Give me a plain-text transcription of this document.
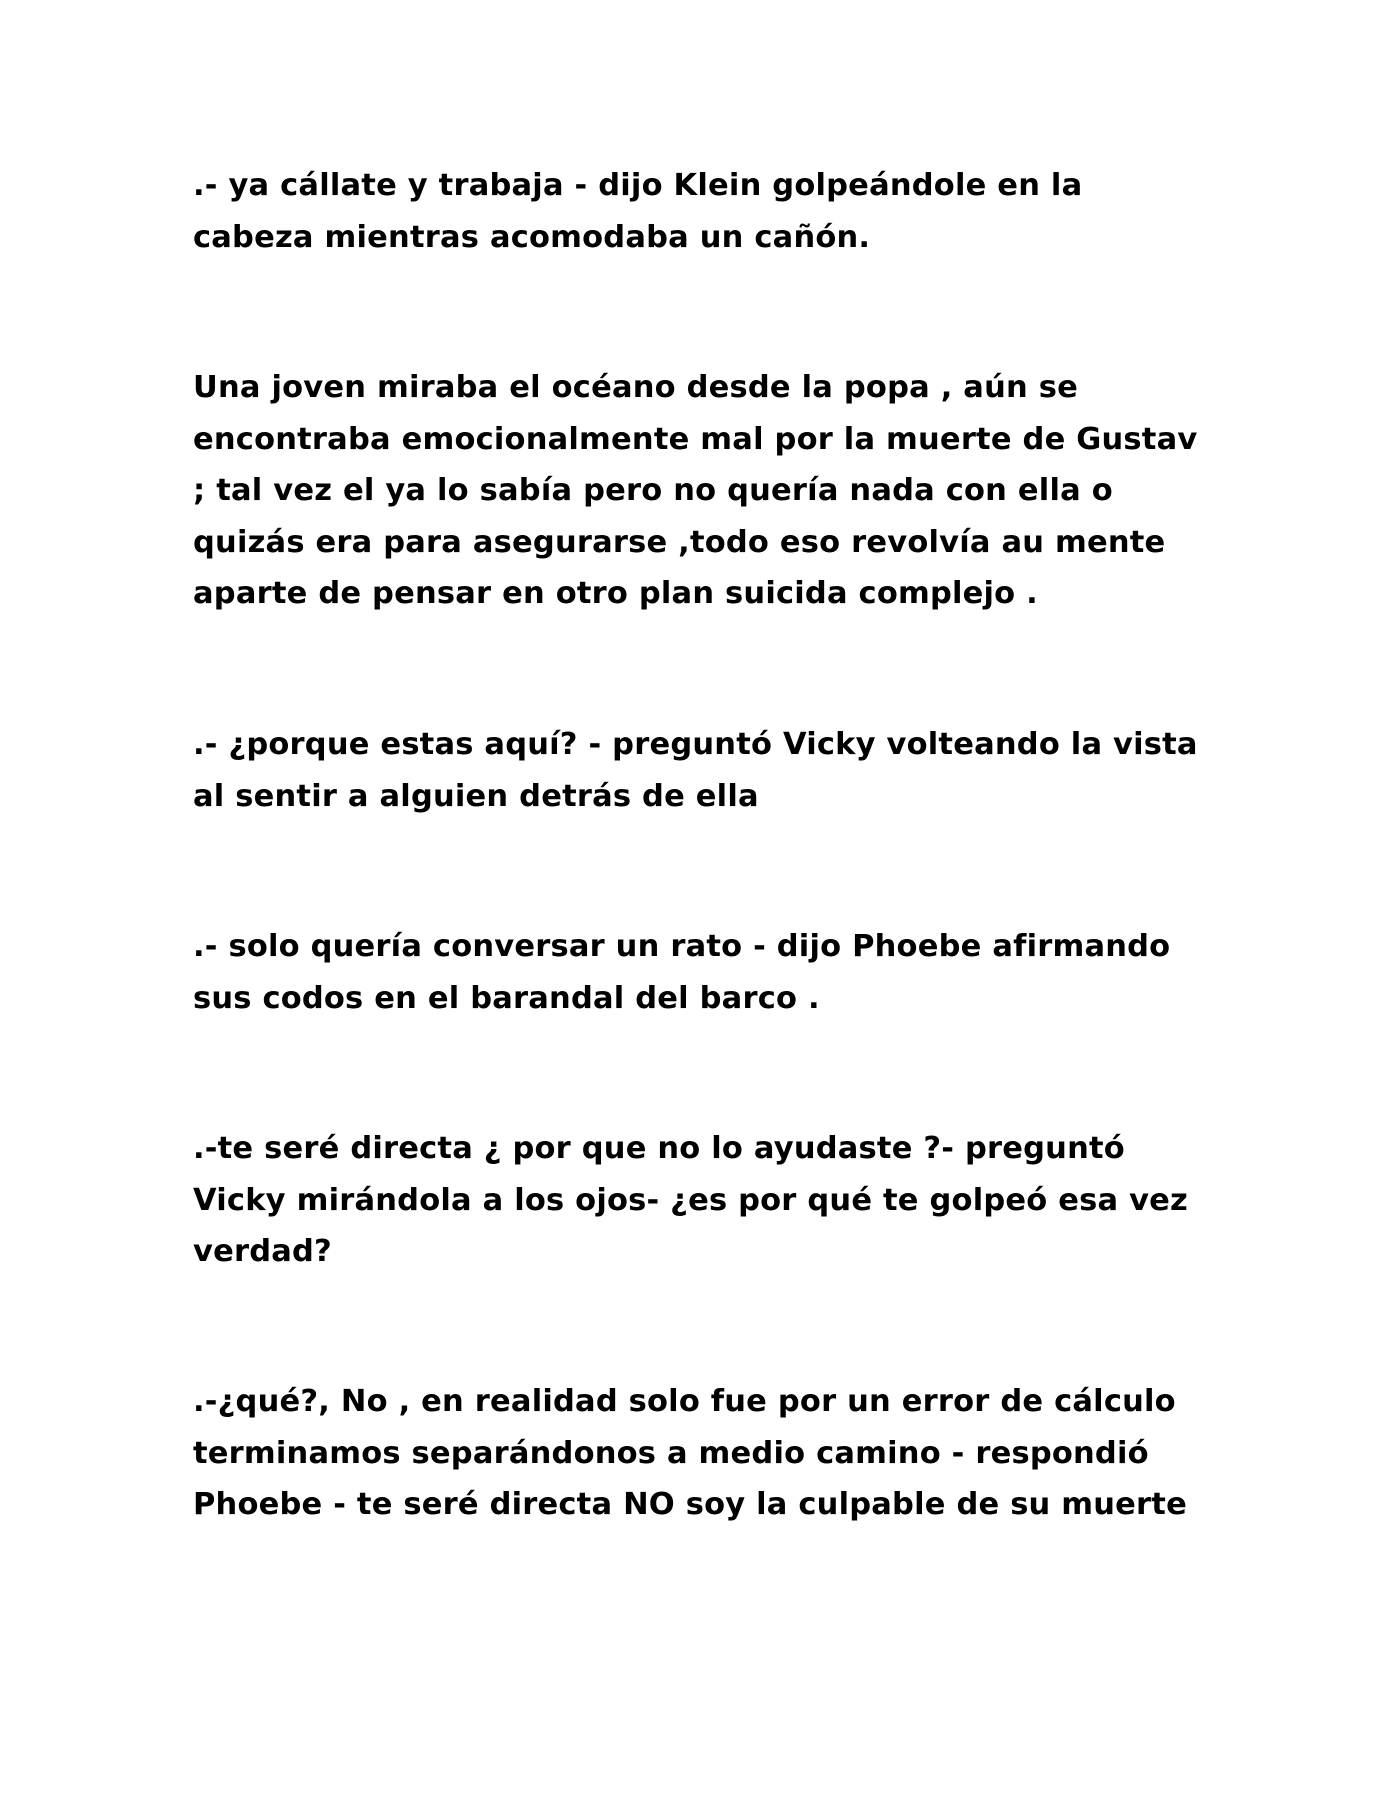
.- ya cállate y trabaja - dijo Klein golpeándole en la
cabeza mientras acomodaba un cañón.

Una joven miraba el océano desde la popa , aún se
encontraba emocionalmente mal por la muerte de Gustav
; tal vez el ya lo sabía pero no quería nada con ella o
quizás era para asegurarse ,todo eso revolvía au mente
aparte de pensar en otro plan suicida complejo .

.- ¿porque estas aquí? - preguntó Vicky volteando la vista
al sentir a alguien detrás de ella

.- solo quería conversar un rato - dijo Phoebe afirmando
sus codos en el barandal del barco .

.-te seré directa ¿ por que no lo ayudaste ?- preguntó
Vicky mirándola a los ojos- ¿es por qué te golpeó esa vez
verdad?

.-¿qué?, No , en realidad solo fue por un error de cálculo
terminamos separándonos a medio camino - respondió
Phoebe - te seré directa NO soy la culpable de su muerte
